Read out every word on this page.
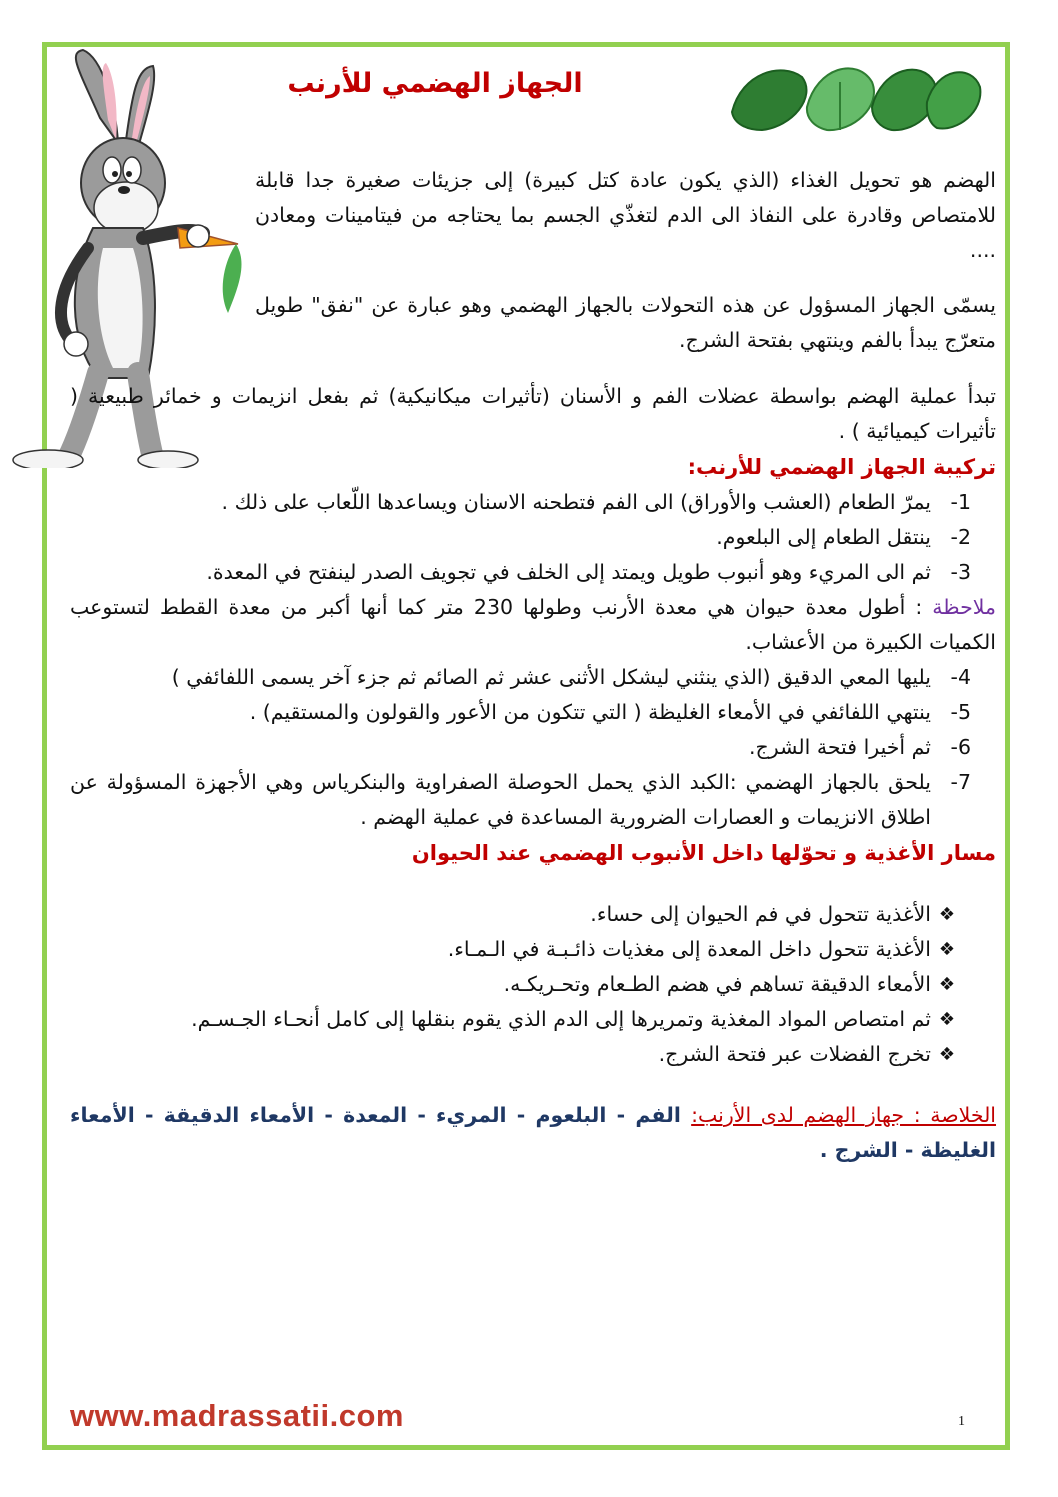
الجهاز الهضمي للأرنب

الهضم هو تحويل الغذاء (الذي يكون عادة كتل كبيرة) إلى جزيئات صغيرة جدا قابلة للامتصاص وقادرة على النفاذ الى الدم لتغذّي الجسم بما يحتاجه من فيتامينات ومعادن ....

يسمّى الجهاز المسؤول عن هذه التحولات بالجهاز الهضمي وهو عبارة عن "نفق" طويل متعرّج يبدأ بالفم وينتهي بفتحة الشرج.

تبدأ عملية الهضم بواسطة عضلات الفم و الأسنان (تأثيرات ميكانيكية) ثم بفعل انزيمات و خمائر طبيعية ( تأثيرات كيميائية ) .

تركيبة الجهاز الهضمي للأرنب:
1-
يمرّ الطعام (العشب والأوراق) الى الفم فتطحنه الاسنان ويساعدها اللّعاب على ذلك .
2-
ينتقل الطعام إلى البلعوم.
3-
ثم الى المريء وهو أنبوب طويل ويمتد إلى الخلف في تجويف الصدر لينفتح في المعدة.

ملاحظة : أطول معدة حيوان هي معدة الأرنب وطولها 230 متر كما أنها أكبر من معدة القطط لتستوعب الكميات الكبيرة من الأعشاب.

4-
يليها المعي الدقيق (الذي ينثني ليشكل الأثنى عشر ثم الصائم ثم جزء آخر يسمى اللفائفي )
5-
ينتهي اللفائفي في الأمعاء الغليظة ( التي تتكون من الأعور والقولون والمستقيم) .
6-
ثم أخيرا فتحة الشرج.
7-
يلحق بالجهاز الهضمي :الكبد الذي يحمل الحوصلة الصفراوية والبنكرياس وهي الأجهزة المسؤولة عن اطلاق الانزيمات و العصارات الضرورية المساعدة في عملية الهضم .
مسار الأغذية و تحوّلها داخل الأنبوب الهضمي عند الحيوان
❖
الأغذية تتحول في فم الحيوان إلى حساء.
❖
الأغذية تتحول داخل المعدة إلى مغذيات ذائـبـة في الـمـاء.
❖
الأمعاء الدقيقة تساهم في هضم الطـعام وتحـريكـه.
❖
ثم امتصاص المواد المغذية وتمريرها إلى الدم الذي يقوم بنقلها إلى كامل أنحـاء الجـسـم.
❖
تخرج الفضلات عبر فتحة الشرج.

الخلاصة : جهاز الهضم لدى الأرنب: الفم - البلعوم - المريء - المعدة - الأمعاء الدقيقة - الأمعاء الغليظة - الشرج .

www.madrassatii.com	1
